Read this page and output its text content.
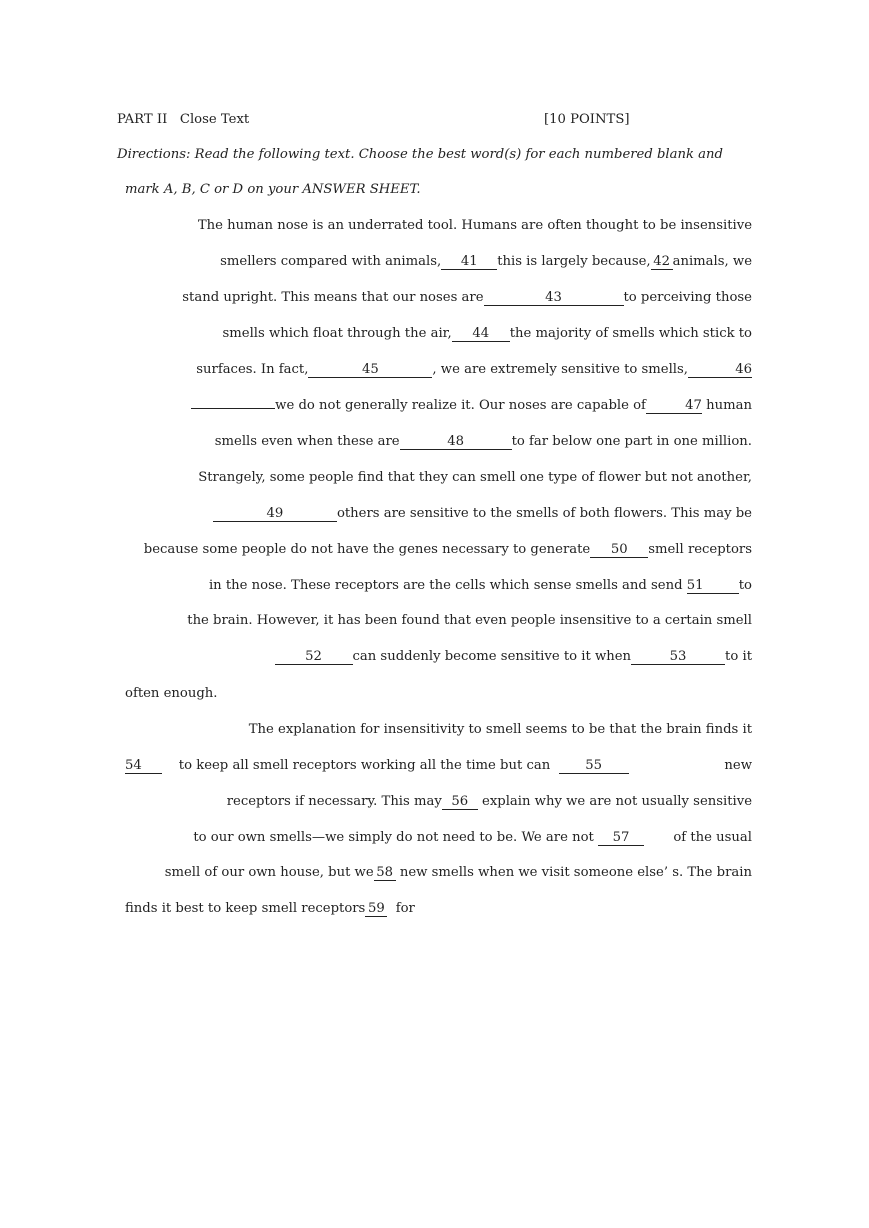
PART II Close Text	[10 POINTS]
Directions: Read the following text. Choose the best word(s) for each numbered blank and
mark A, B, C or D on your ANSWER SHEET.
The human nose is an underrated tool. Humans are often thought to be insensitive
smellers compared with animals, 41 this is largely because, 42 animals, we
stand upright. This means that our noses are	43	to perceiving those
smells which float through the air, 44 the majority of smells which stick to
surfaces. In fact,	45	, we are extremely sensitive to smells,	46
we do not generally realize it. Our noses are capable of	47 human
smells even when these are	48	to far below one part in one million.
Strangely, some people find that they can smell one type of flower but not another,
49	others are sensitive to the smells of both flowers. This may be
because some people do not have the genes necessary to generate 50 smell receptors
in the nose. These receptors are the cells which sense smells and send 51	to
the brain. However, it has been found that even people insensitive to a certain smell
52 can suddenly become sensitive to it when	53	to it
often enough.
The explanation for insensitivity to smell seems to be that the brain finds it
54	to keep all smell receptors working all the time but can	55	new
receptors if necessary. This may 56 explain why we are not usually sensitive
to our own smells—we simply do not need to be. We are not 57	of the usual
smell of our own house, but we 58 new smells when we visit someone else’ s. The brain
finds it best to keep smell receptors 59 for
